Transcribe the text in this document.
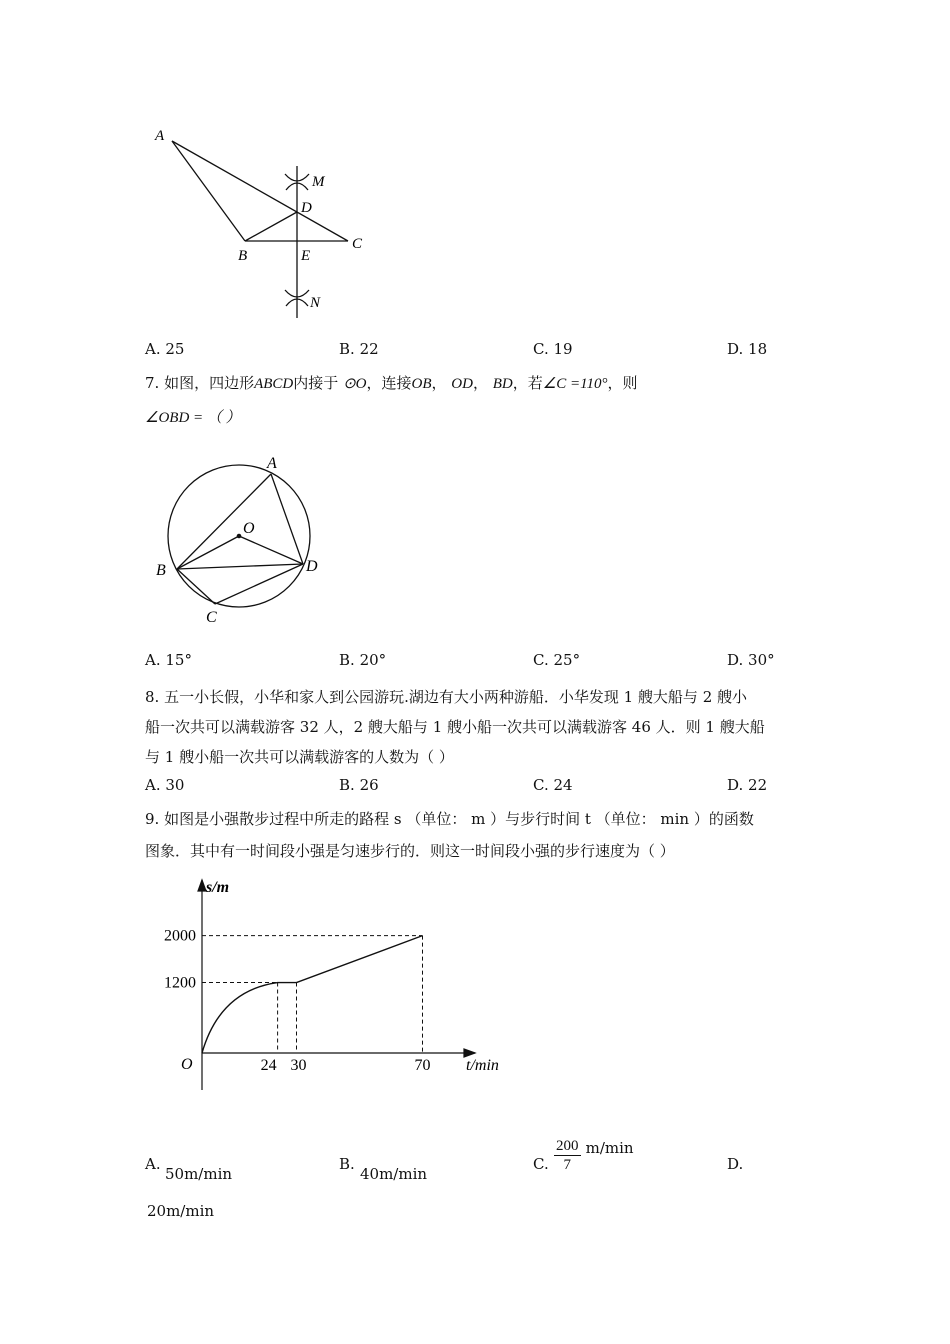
A
B
C
D
E
M
N
A. 25	B. 22	C. 19	D. 18
7. 如图，四边形ABCD内接于 ⊙O，连接OB， OD， BD，若∠C =110°，则
∠OBD = （ ）
A
B
C
D
O
A. 15°	B. 20°	C. 25°	D. 30°
8. 五一小长假，小华和家人到公园游玩.湖边有大小两种游船．小华发现 1 艘大船与 2 艘小
船一次共可以满载游客 32 人，2 艘大船与 1 艘小船一次共可以满载游客 46 人．则 1 艘大船
与 1 艘小船一次共可以满载游客的人数为（ ）
A. 30	B. 26	C. 24	D. 22
9. 如图是小强散步过程中所走的路程 s （单位： m ）与步行时间 t （单位： min ）的函数
图象．其中有一时间段小强是匀速步行的．则这一时间段小强的步行速度为（ ）
24 30	70
1200
2000
s/m
t/min
O
A.
50m/min
B.
40m/min
C. $\frac{200}{7} m/\min$
D.
20m/min
